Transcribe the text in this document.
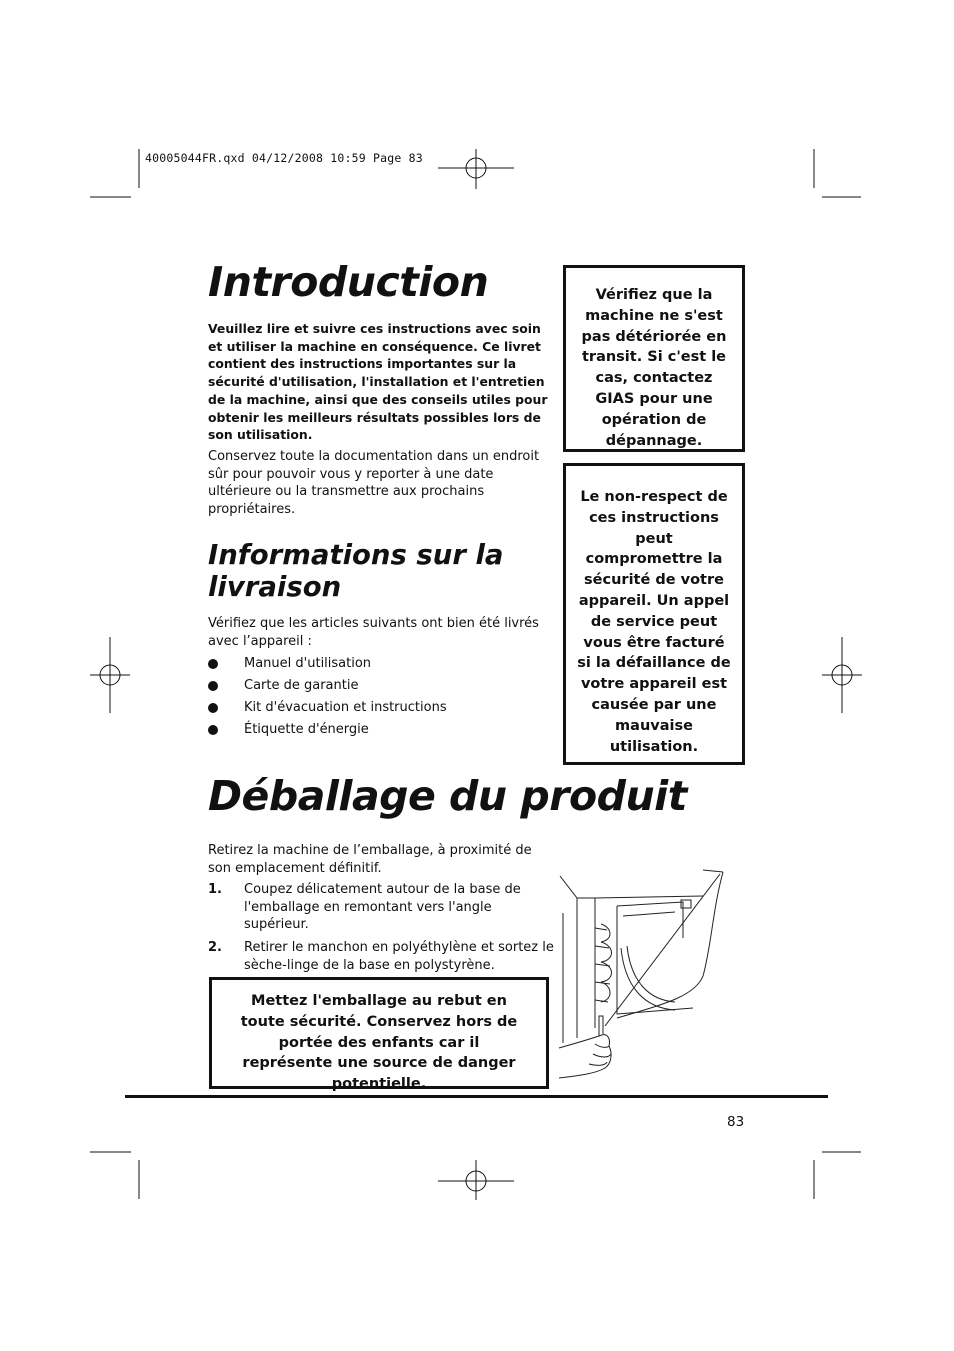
40005044FR.qxd 04/12/2008 10:59 Page 83
Introduction
Veuillez lire et suivre ces instructions avec soin et utiliser la machine en conséquence. Ce livret contient des instructions importantes sur la sécurité d'utilisation, l'installation et l'entretien de la machine, ainsi que des conseils utiles pour obtenir les meilleurs résultats possibles lors de son utilisation.
Conservez toute la documentation dans un endroit sûr pour pouvoir vous y reporter à une date ultérieure ou la transmettre aux prochains propriétaires.
Informations sur la livraison
Vérifiez que les articles suivants ont bien été livrés avec l’appareil :
Manuel d'utilisation
Carte de garantie
Kit d'évacuation et instructions
Étiquette d'énergie
Vérifiez que la machine ne s'est pas détériorée en transit. Si c'est le cas, contactez GIAS pour une opération de dépannage.
Le non-respect de ces instructions peut compromettre la sécurité de votre appareil. Un appel de service peut vous être facturé si la défaillance de votre appareil est causée par une mauvaise utilisation.
Déballage du produit
Retirez la machine de l’emballage, à proximité de son emplacement définitif.
1. Coupez délicatement autour de la base de l'emballage en remontant vers l'angle supérieur.
2. Retirer le manchon en polyéthylène et sortez le sèche-linge de la base en polystyrène.
Mettez l'emballage au rebut en toute sécurité. Conservez hors de portée des enfants car il représente une source de danger potentielle.
83
